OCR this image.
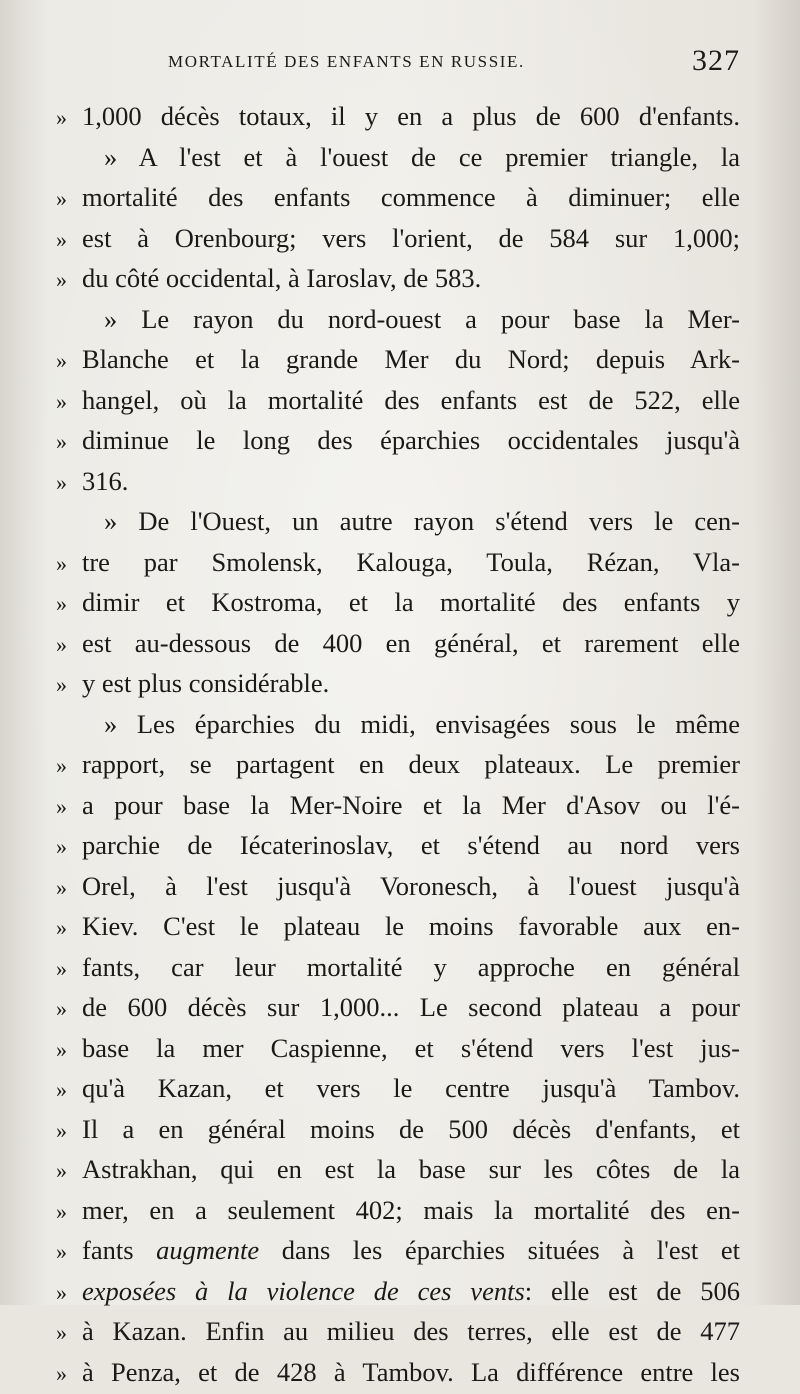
MORTALITÉ DES ENFANTS EN RUSSIE.	327
» 1,000 décès totaux, il y en a plus de 600 d'enfants.
» A l'est et à l'ouest de ce premier triangle, la
» mortalité des enfants commence à diminuer; elle
» est à Orenbourg; vers l'orient, de 584 sur 1,000;
» du côté occidental, à Iaroslav, de 583.
» Le rayon du nord-ouest a pour base la Mer-
» Blanche et la grande Mer du Nord; depuis Ark-
» hangel, où la mortalité des enfants est de 522, elle
» diminue le long des éparchies occidentales jusqu'à
» 316.
» De l'Ouest, un autre rayon s'étend vers le cen-
» tre par Smolensk, Kalouga, Toula, Rézan, Vla-
» dimir et Kostroma, et la mortalité des enfants y
» est au-dessous de 400 en général, et rarement elle
» y est plus considérable.
» Les éparchies du midi, envisagées sous le même
» rapport, se partagent en deux plateaux. Le premier
» a pour base la Mer-Noire et la Mer d'Asov ou l'é-
» parchie de Iécaterinoslav, et s'étend au nord vers
» Orel, à l'est jusqu'à Voronesch, à l'ouest jusqu'à
» Kiev. C'est le plateau le moins favorable aux en-
» fants, car leur mortalité y approche en général
» de 600 décès sur 1,000... Le second plateau a pour
» base la mer Caspienne, et s'étend vers l'est jus-
» qu'à Kazan, et vers le centre jusqu'à Tambov.
» Il a en général moins de 500 décès d'enfants, et
» Astrakhan, qui en est la base sur les côtes de la
» mer, en a seulement 402; mais la mortalité des en-
» fants augmente dans les éparchies situées à l'est et
» exposées à la violence de ces vents: elle est de 506
» à Kazan. Enfin au milieu des terres, elle est de 477
» à Penza, et de 428 à Tambov. La différence entre les
